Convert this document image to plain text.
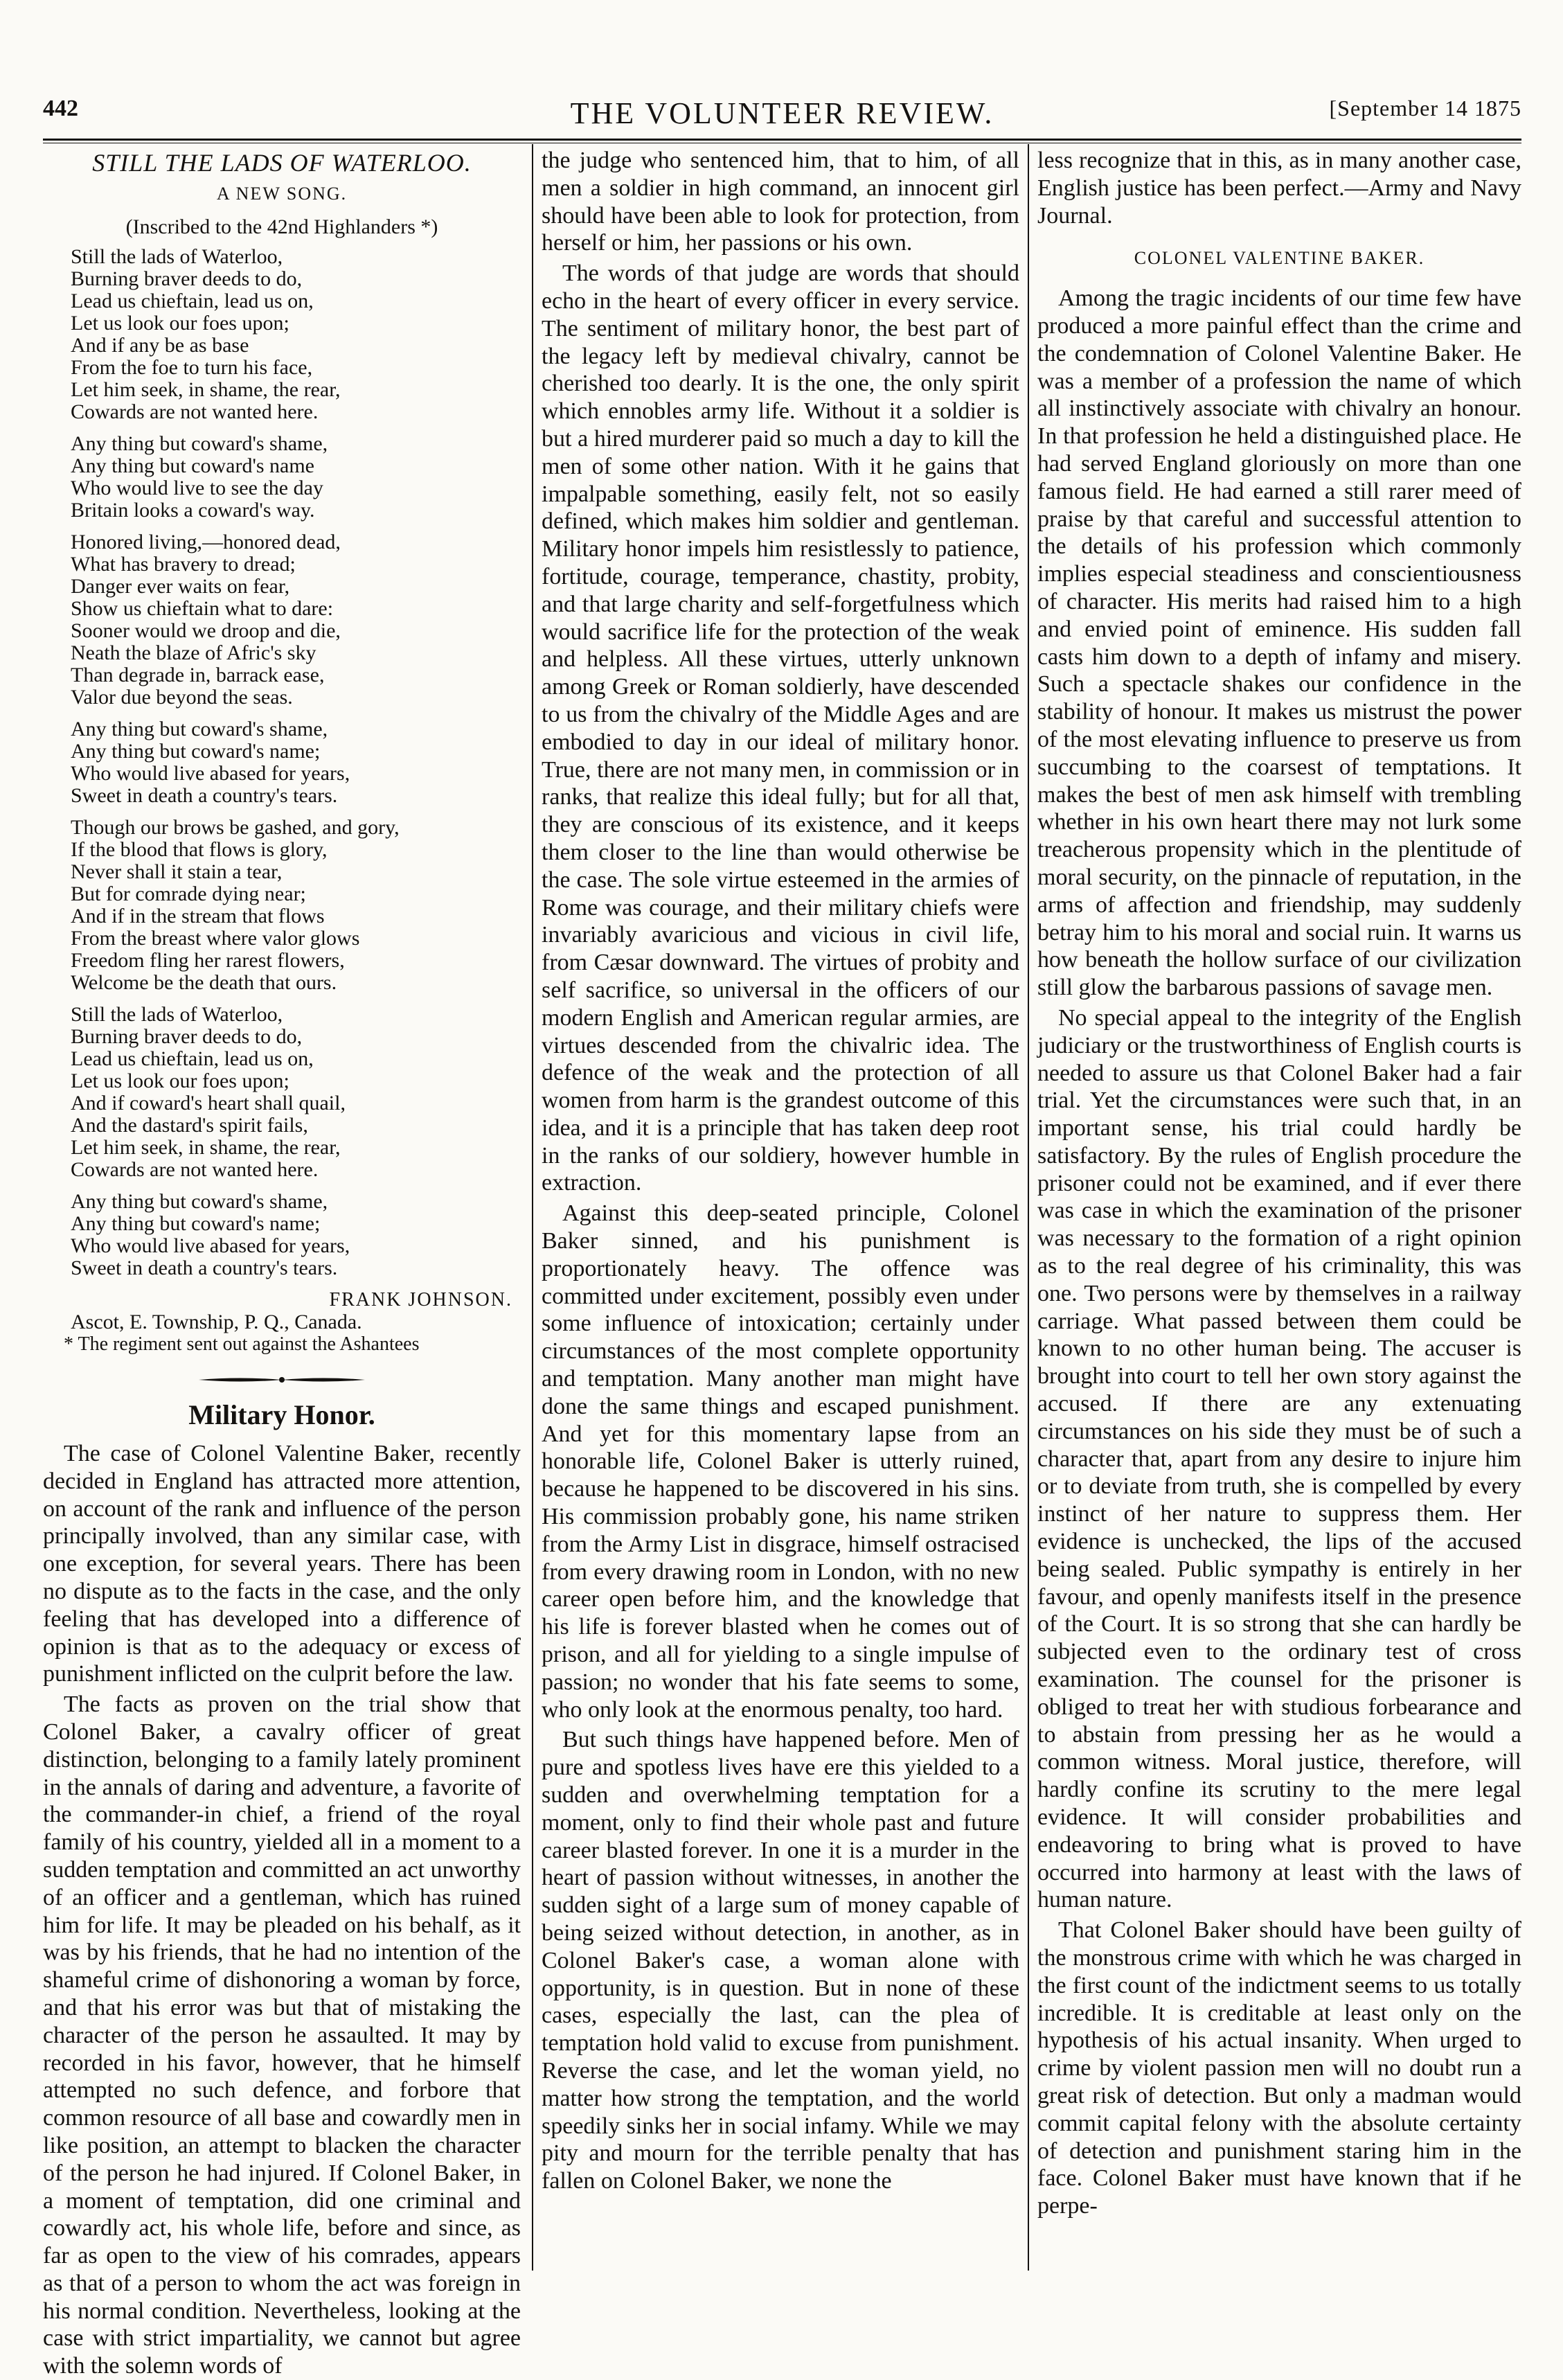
442	THE VOLUNTEER REVIEW.	[September 14 1875
STILL THE LADS OF WATERLOO.
A NEW SONG.
(Inscribed to the 42nd Highlanders *)
Still the lads of Waterloo,
Burning braver deeds to do,
Lead us chieftain, lead us on,
Let us look our foes upon;
And if any be as base
From the foe to turn his face,
Let him seek, in shame, the rear,
Cowards are not wanted here.
Any thing but coward's shame,
Any thing but coward's name
Who would live to see the day
Britain looks a coward's way.
Honored living,—honored dead,
What has bravery to dread;
Danger ever waits on fear,
Show us chieftain what to dare:
Sooner would we droop and die,
Neath the blaze of Afric's sky
Than degrade in, barrack ease,
Valor due beyond the seas.
Any thing but coward's shame,
Any thing but coward's name;
Who would live abased for years,
Sweet in death a country's tears.
Though our brows be gashed, and gory,
If the blood that flows is glory,
Never shall it stain a tear,
But for comrade dying near;
And if in the stream that flows
From the breast where valor glows
Freedom fling her rarest flowers,
Welcome be the death that ours.
Still the lads of Waterloo,
Burning braver deeds to do,
Lead us chieftain, lead us on,
Let us look our foes upon;
And if coward's heart shall quail,
And the dastard's spirit fails,
Let him seek, in shame, the rear,
Cowards are not wanted here.
Any thing but coward's shame,
Any thing but coward's name;
Who would live abased for years,
Sweet in death a country's tears.
FRANK JOHNSON.
Ascot, E. Township, P. Q., Canada.
* The regiment sent out against the Ashantees
Military Honor.

The case of Colonel Valentine Baker, recently decided in England has attracted more attention, on account of the rank and influence of the person principally involved, than any similar case, with one exception, for several years. There has been no dispute as to the facts in the case, and the only feeling that has developed into a difference of opinion is that as to the adequacy or excess of punishment inflicted on the culprit before the law.

The facts as proven on the trial show that Colonel Baker, a cavalry officer of great distinction, belonging to a family lately prominent in the annals of daring and adventure, a favorite of the commander-in chief, a friend of the royal family of his country, yielded all in a moment to a sudden temptation and committed an act unworthy of an officer and a gentleman, which has ruined him for life. It may be pleaded on his behalf, as it was by his friends, that he had no intention of the shameful crime of dishonoring a woman by force, and that his error was but that of mistaking the character of the person he assaulted. It may by recorded in his favor, however, that he himself attempted no such defence, and forbore that common resource of all base and cowardly men in like position, an attempt to blacken the character of the person he had injured. If Colonel Baker, in a moment of temptation, did one criminal and cowardly act, his whole life, before and since, as far as open to the view of his comrades, appears as that of a person to whom the act was foreign in his normal condition. Nevertheless, looking at the case with strict impartiality, we cannot but agree with the solemn words of

the judge who sentenced him, that to him, of all men a soldier in high command, an innocent girl should have been able to look for protection, from herself or him, her passions or his own.

The words of that judge are words that should echo in the heart of every officer in every service. The sentiment of military honor, the best part of the legacy left by medieval chivalry, cannot be cherished too dearly. It is the one, the only spirit which ennobles army life. Without it a soldier is but a hired murderer paid so much a day to kill the men of some other nation. With it he gains that impalpable something, easily felt, not so easily defined, which makes him soldier and gentleman. Military honor impels him resistlessly to patience, fortitude, courage, temperance, chastity, probity, and that large charity and self-forgetfulness which would sacrifice life for the protection of the weak and helpless. All these virtues, utterly unknown among Greek or Roman soldierly, have descended to us from the chivalry of the Middle Ages and are embodied to day in our ideal of military honor. True, there are not many men, in commission or in ranks, that realize this ideal fully; but for all that, they are conscious of its existence, and it keeps them closer to the line than would otherwise be the case. The sole virtue esteemed in the armies of Rome was courage, and their military chiefs were invariably avaricious and vicious in civil life, from Cæsar downward. The virtues of probity and self sacrifice, so universal in the officers of our modern English and American regular armies, are virtues descended from the chivalric idea. The defence of the weak and the protection of all women from harm is the grandest outcome of this idea, and it is a principle that has taken deep root in the ranks of our soldiery, however humble in extraction.

Against this deep-seated principle, Colonel Baker sinned, and his punishment is proportionately heavy. The offence was committed under excitement, possibly even under some influence of intoxication; certainly under circumstances of the most complete opportunity and temptation. Many another man might have done the same things and escaped punishment. And yet for this momentary lapse from an honorable life, Colonel Baker is utterly ruined, because he happened to be discovered in his sins. His commission probably gone, his name striken from the Army List in disgrace, himself ostracised from every drawing room in London, with no new career open before him, and the knowledge that his life is forever blasted when he comes out of prison, and all for yielding to a single impulse of passion; no wonder that his fate seems to some, who only look at the enormous penalty, too hard.

But such things have happened before. Men of pure and spotless lives have ere this yielded to a sudden and overwhelming temptation for a moment, only to find their whole past and future career blasted forever. In one it is a murder in the heart of passion without witnesses, in another the sudden sight of a large sum of money capable of being seized without detection, in another, as in Colonel Baker's case, a woman alone with opportunity, is in question. But in none of these cases, especially the last, can the plea of temptation hold valid to excuse from punishment. Reverse the case, and let the woman yield, no matter how strong the temptation, and the world speedily sinks her in social infamy. While we may pity and mourn for the terrible penalty that has fallen on Colonel Baker, we none the

less recognize that in this, as in many another case, English justice has been perfect.—Army and Navy Journal.

COLONEL VALENTINE BAKER.

Among the tragic incidents of our time few have produced a more painful effect than the crime and the condemnation of Colonel Valentine Baker. He was a member of a profession the name of which all instinctively associate with chivalry an honour. In that profession he held a distinguished place. He had served England gloriously on more than one famous field. He had earned a still rarer meed of praise by that careful and successful attention to the details of his profession which commonly implies especial steadiness and conscientiousness of character. His merits had raised him to a high and envied point of eminence. His sudden fall casts him down to a depth of infamy and misery. Such a spectacle shakes our confidence in the stability of honour. It makes us mistrust the power of the most elevating influence to preserve us from succumbing to the coarsest of temptations. It makes the best of men ask himself with trembling whether in his own heart there may not lurk some treacherous propensity which in the plentitude of moral security, on the pinnacle of reputation, in the arms of affection and friendship, may suddenly betray him to his moral and social ruin. It warns us how beneath the hollow surface of our civilization still glow the barbarous passions of savage men.

No special appeal to the integrity of the English judiciary or the trustworthiness of English courts is needed to assure us that Colonel Baker had a fair trial. Yet the circumstances were such that, in an important sense, his trial could hardly be satisfactory. By the rules of English procedure the prisoner could not be examined, and if ever there was case in which the examination of the prisoner was necessary to the formation of a right opinion as to the real degree of his criminality, this was one. Two persons were by themselves in a railway carriage. What passed between them could be known to no other human being. The accuser is brought into court to tell her own story against the accused. If there are any extenuating circumstances on his side they must be of such a character that, apart from any desire to injure him or to deviate from truth, she is compelled by every instinct of her nature to suppress them. Her evidence is unchecked, the lips of the accused being sealed. Public sympathy is entirely in her favour, and openly manifests itself in the presence of the Court. It is so strong that she can hardly be subjected even to the ordinary test of cross examination. The counsel for the prisoner is obliged to treat her with studious forbearance and to abstain from pressing her as he would a common witness. Moral justice, therefore, will hardly confine its scrutiny to the mere legal evidence. It will consider probabilities and endeavoring to bring what is proved to have occurred into harmony at least with the laws of human nature.

That Colonel Baker should have been guilty of the monstrous crime with which he was charged in the first count of the indictment seems to us totally incredible. It is creditable at least only on the hypothesis of his actual insanity. When urged to crime by violent passion men will no doubt run a great risk of detection. But only a madman would commit capital felony with the absolute certainty of detection and punishment staring him in the face. Colonel Baker must have known that if he perpe-
